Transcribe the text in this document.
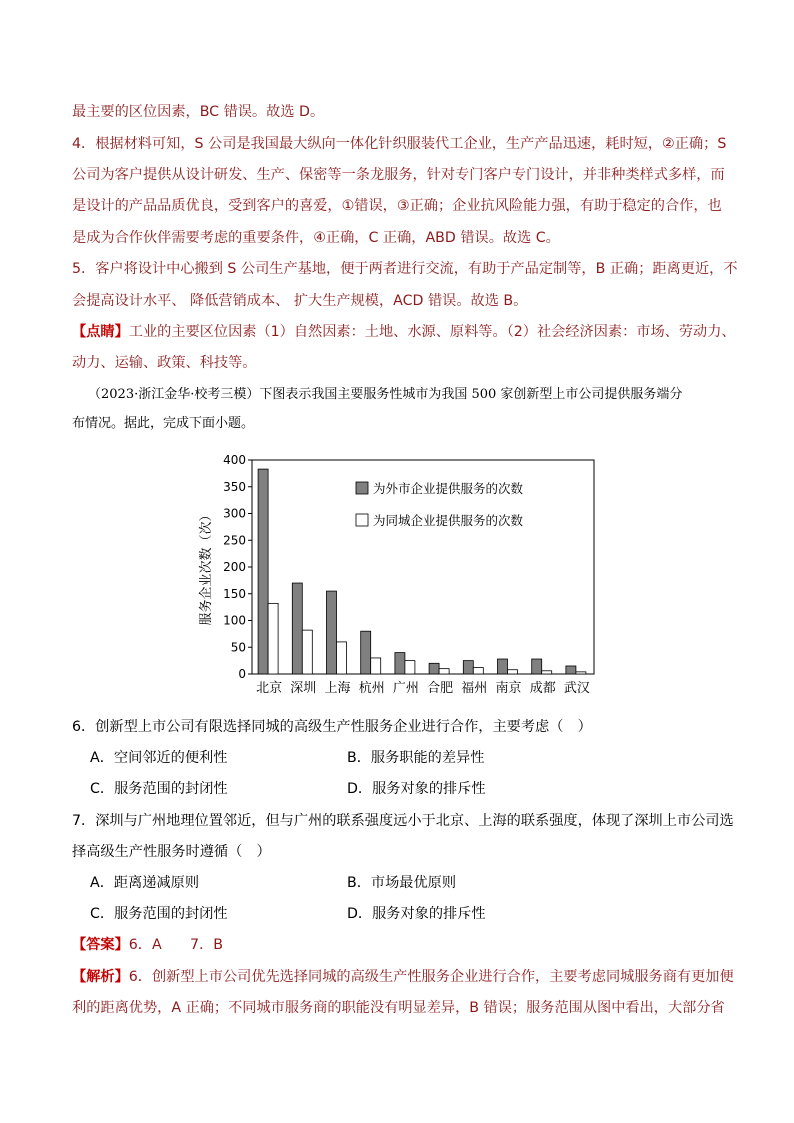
最主要的区位因素，BC 错误。故选 D。
4．根据材料可知，S 公司是我国最大纵向一体化针织服装代工企业，生产产品迅速，耗时短，②正确；S
公司为客户提供从设计研发、生产、保密等一条龙服务，针对专门客户专门设计，并非种类样式多样，而
是设计的产品品质优良，受到客户的喜爱，①错误，③正确；企业抗风险能力强，有助于稳定的合作，也
是成为合作伙伴需要考虑的重要条件，④正确，C 正确，ABD 错误。故选 C。
5．客户将设计中心搬到 S 公司生产基地，便于两者进行交流，有助于产品定制等，B 正确；距离更近，不
会提高设计水平、 降低营销成本、 扩大生产规模，ACD 错误。故选 B。
【点睛】工业的主要区位因素（1）自然因素：土地、水源、原料等。（2）社会经济因素：市场、劳动力、
动力、运输、政策、科技等。
（2023·浙江金华·校考三模）下图表示我国主要服务性城市为我国 500 家创新型上市公司提供服务端分
布情况。据此，完成下面小题。
0
50
100
150
200
250
300
350
400
服务企业次数（次）
北京 深圳 上海 杭州 广州 合肥 福州 南京 成都 武汉
为外市企业提供服务的次数
为同城企业提供服务的次数
6．创新型上市公司有限选择同城的高级生产性服务企业进行合作，主要考虑（　）
A．空间邻近的便利性	B．服务职能的差异性
C．服务范围的封闭性	D．服务对象的排斥性
7．深圳与广州地理位置邻近，但与广州的联系强度远小于北京、上海的联系强度，体现了深圳上市公司选
择高级生产性服务时遵循（　）
A．距离递减原则	B．市场最优原则
C．服务范围的封闭性	D．服务对象的排斥性
【答案】6．A　　7．B
【解析】6．创新型上市公司优先选择同城的高级生产性服务企业进行合作，主要考虑同城服务商有更加便
利的距离优势，A 正确；不同城市服务商的职能没有明显差异，B 错误；服务范围从图中看出，大部分省
